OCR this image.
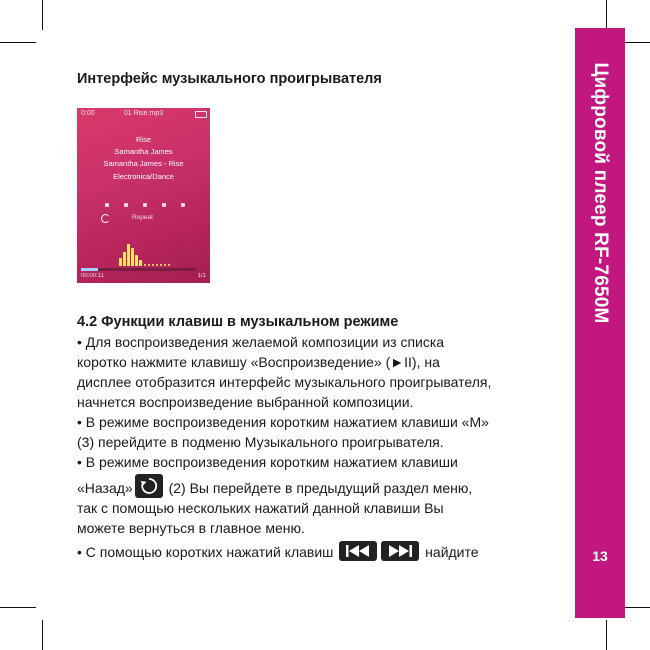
Цифровой плеер RF-7650M
13
Интерфейс музыкального проигрывателя
0:00	01 Rise.mp3
Rise
Samantha James
Samantha James - Rise
Electronica/Dance
Repeat
00:00:11	1/1
4.2 Функции клавиш в музыкальном режиме
• Для воспроизведения желаемой композиции из списка
коротко нажмите клавишу «Воспроизведение» (►II), на
дисплее отобразится интерфейс музыкального проигрывателя,
начнется воспроизведение выбранной композиции.
• В режиме воспроизведения коротким нажатием клавиши «M»
(3) перейдите в подменю Музыкального проигрывателя.
• В режиме воспроизведения коротким нажатием клавиши
«Назад»
(2) Вы перейдете в предыдущий раздел меню,
так с помощью нескольких нажатий данной клавиши Вы
можете вернуться в главное меню.
• С помощью коротких нажатий клавиш	найдите
